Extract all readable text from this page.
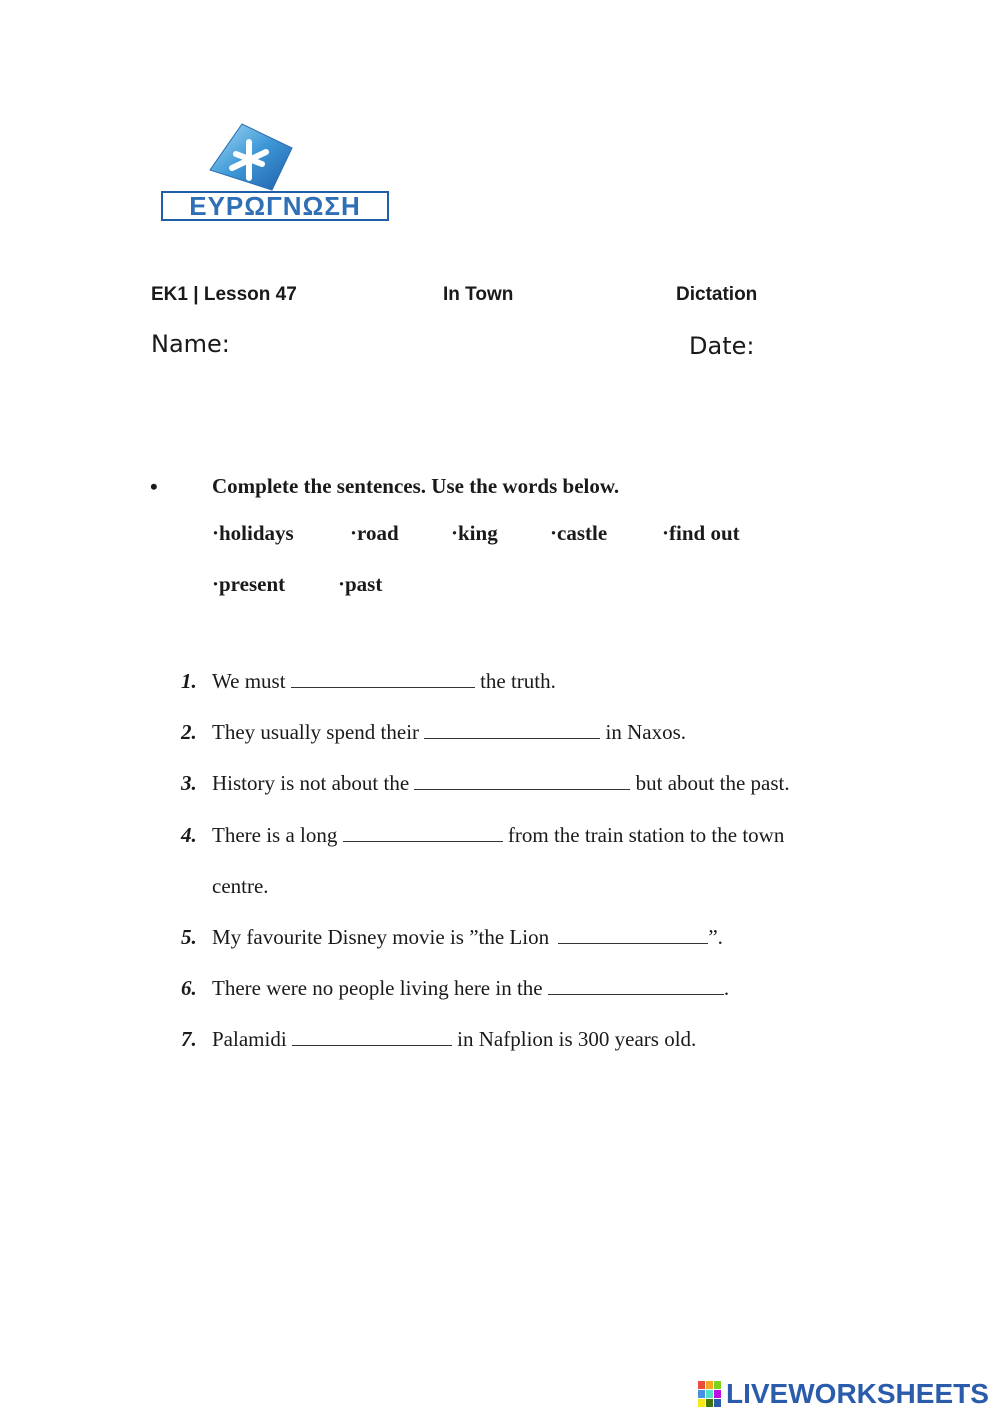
ΕΥΡΩΓΝΩΣΗ
EK1 | Lesson 47	In Town	Dictation
Name:	Date:
•	Complete the sentences. Use the words below.
·holidays	·road ·king ·castle	·find out
·present	·past
1. We must	the truth.
2. They usually spend their	in Naxos.
3. History is not about the	but about the past.
4. There is a long	from the train station to the town
centre.
5. My favourite Disney movie is ”the Lion	”.
6. There were no people living here in the	.
7. Palamidi	in Nafplion is 300 years old.
LIVEWORKSHEETS
